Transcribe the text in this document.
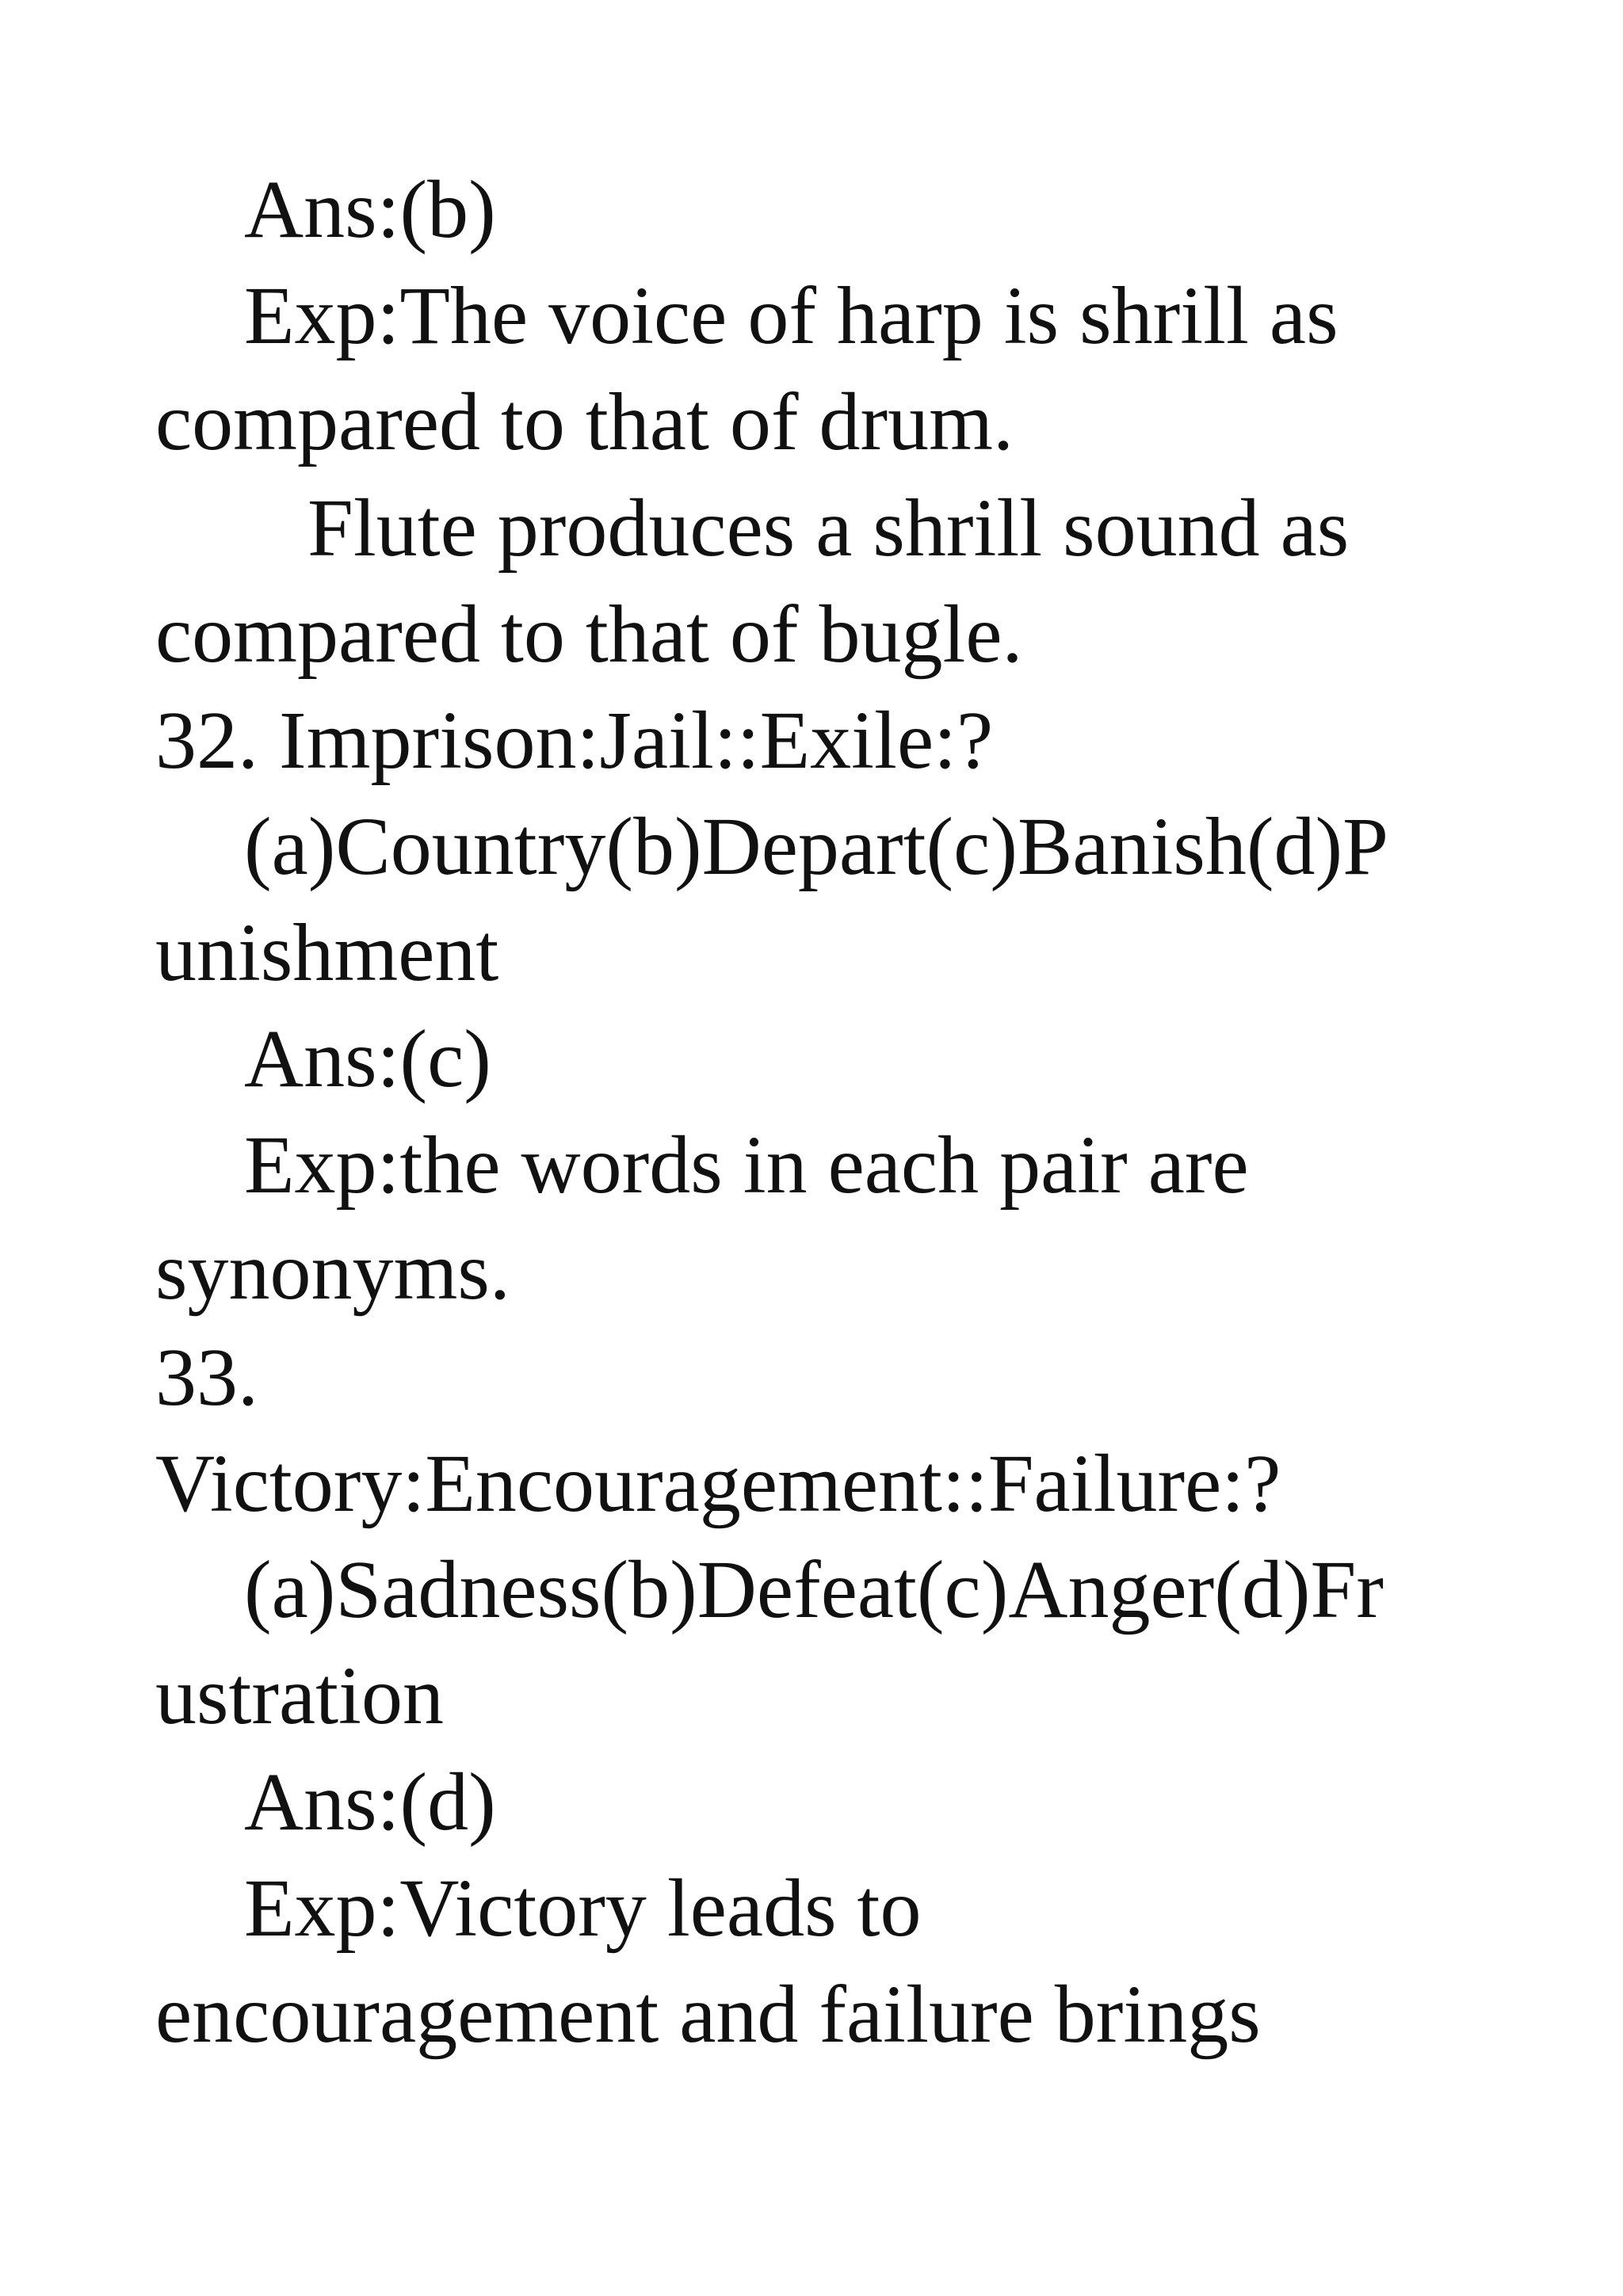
Ans:(b)
Exp:The voice of harp is shrill as
compared to that of drum.
Flute produces a shrill sound as
compared to that of bugle.
32. Imprison:Jail::Exile:?
(a)Country(b)Depart(c)Banish(d)P
unishment
Ans:(c)
Exp:the words in each pair are
synonyms.
33.
Victory:Encouragement::Failure:?
(a)Sadness(b)Defeat(c)Anger(d)Fr
ustration
Ans:(d)
Exp:Victory leads to
encouragement and failure brings
